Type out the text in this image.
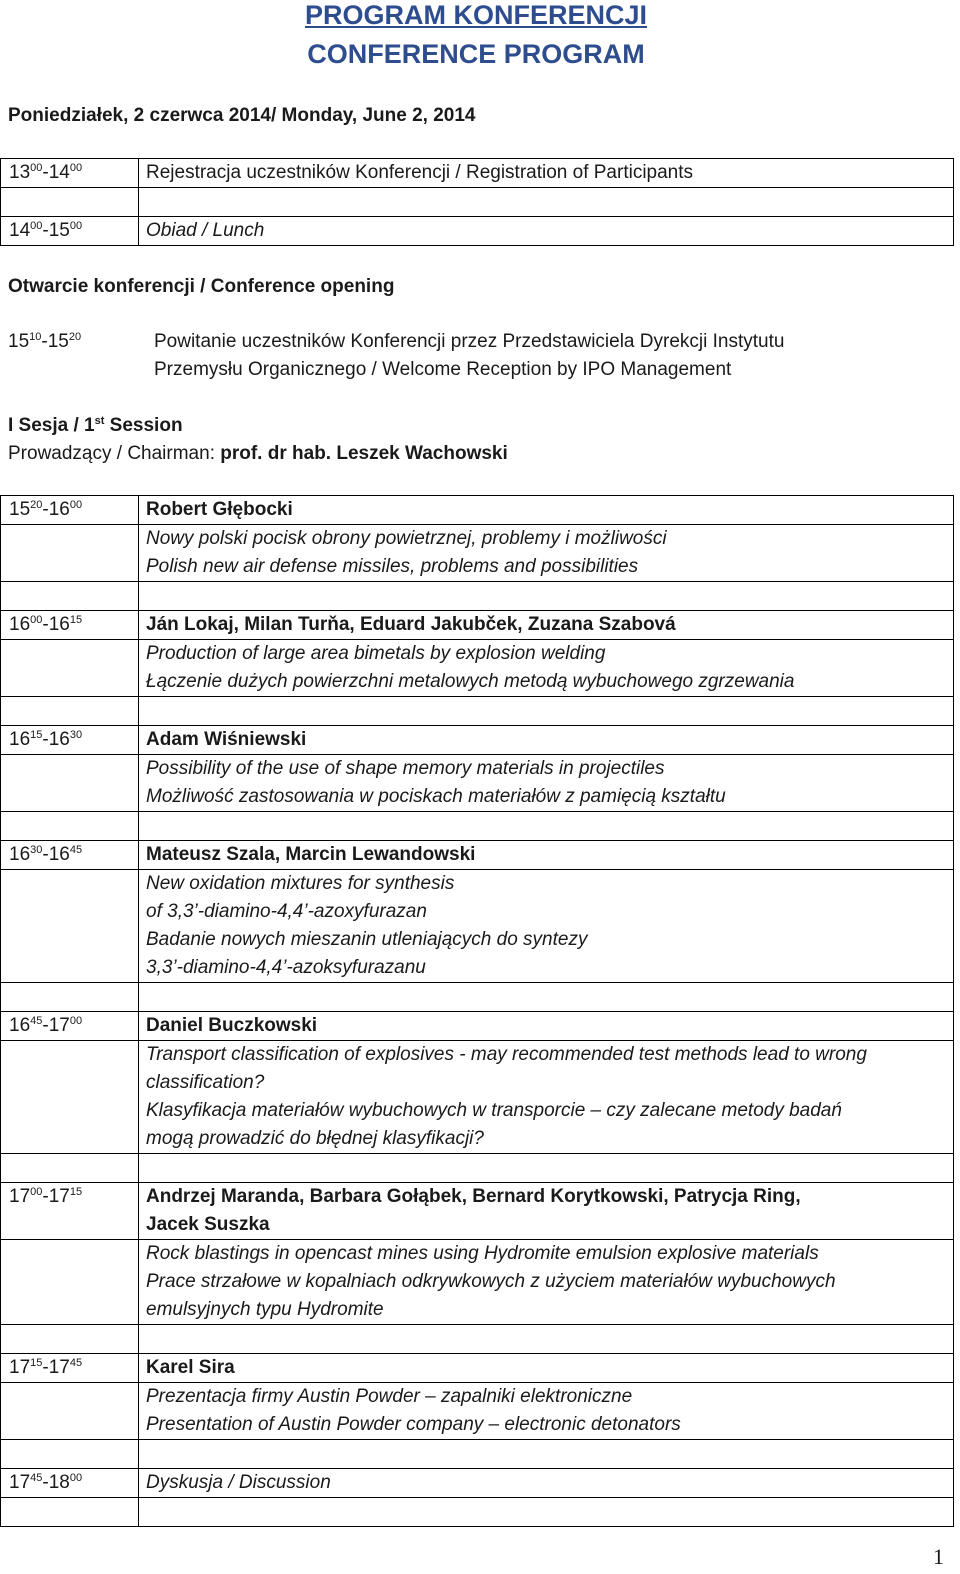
PROGRAM KONFERENCJI
CONFERENCE PROGRAM
Poniedziałek, 2 czerwca 2014/ Monday, June 2, 2014
$13^{00}-14^{00}$	Rejestracja uczestników Konferencji / Registration of Participants
$14^{00}-15^{00}$	Obiad / Lunch
Otwarcie konferencji / Conference opening
$15^{10}-15^{20}$	Powitanie uczestników Konferencji przez Przedstawiciela Dyrekcji Instytutu
Przemysłu Organicznego / Welcome Reception by IPO Management
I Sesja / 1st Session
Prowadzący / Chairman: prof. dr hab. Leszek Wachowski
$15^{20}-16^{00}$	Robert Głębocki
Nowy polski pocisk obrony powietrznej, problemy i możliwości
Polish new air defense missiles, problems and possibilities
$16^{00}-16^{15}$	Ján Lokaj, Milan Turňa, Eduard Jakubček, Zuzana Szabová
Production of large area bimetals by explosion welding
Łączenie dużych powierzchni metalowych metodą wybuchowego zgrzewania
$16^{15}-16^{30}$	Adam Wiśniewski
Possibility of the use of shape memory materials in projectiles
Możliwość zastosowania w pociskach materiałów z pamięcią kształtu
$16^{30}-16^{45}$	Mateusz Szala, Marcin Lewandowski
New oxidation mixtures for synthesis
of 3,3’-diamino-4,4’-azoxyfurazan
Badanie nowych mieszanin utleniających do syntezy
3,3’-diamino-4,4’-azoksyfurazanu
$16^{45}-17^{00}$	Daniel Buczkowski
Transport classification of explosives - may recommended test methods lead to wrong
classification?
Klasyfikacja materiałów wybuchowych w transporcie – czy zalecane metody badań
mogą prowadzić do błędnej klasyfikacji?
$17^{00}-17^{15}$	Andrzej Maranda, Barbara Gołąbek, Bernard Korytkowski, Patrycja Ring,
Jacek Suszka
Rock blastings in opencast mines using Hydromite emulsion explosive materials
Prace strzałowe w kopalniach odkrywkowych z użyciem materiałów wybuchowych
emulsyjnych typu Hydromite
$17^{15}-17^{45}$	Karel Sira
Prezentacja firmy Austin Powder – zapalniki elektroniczne
Presentation of Austin Powder company – electronic detonators
$17^{45}-18^{00}$	Dyskusja / Discussion
1
